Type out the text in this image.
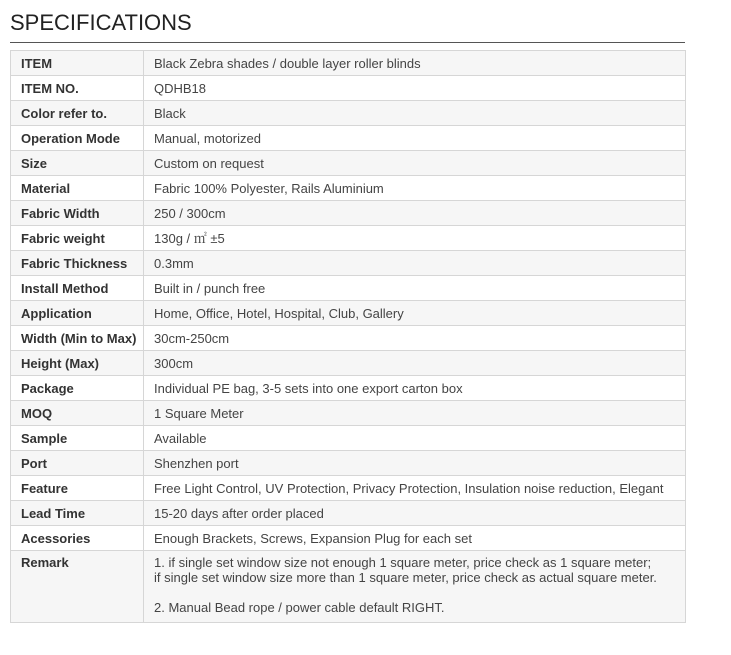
SPECIFICATIONS
ITEM	Black Zebra shades / double layer roller blinds
ITEM NO.	QDHB18
Color refer to.	Black
Operation Mode	Manual, motorized
Size	Custom on request
Material	Fabric 100% Polyester, Rails Aluminium
Fabric Width	250 / 300cm
Fabric weight	130g / ㎡ ±5
Fabric Thickness	0.3mm
Install Method	Built in / punch free
Application	Home, Office, Hotel, Hospital, Club, Gallery
Width (Min to Max)	30cm-250cm
Height (Max)	300cm
Package	Individual PE bag, 3-5 sets into one export carton box
MOQ	1 Square Meter
Sample	Available
Port	Shenzhen port
Feature	Free Light Control, UV Protection, Privacy Protection, Insulation noise reduction, Elegant
Lead Time	15-20 days after order placed
Acessories	Enough Brackets, Screws, Expansion Plug for each set
Remark	1. if single set window size not enough 1 square meter, price check as 1 square meter;
if single set window size more than 1 square meter, price check as actual square meter.
2. Manual Bead rope / power cable default RIGHT.
